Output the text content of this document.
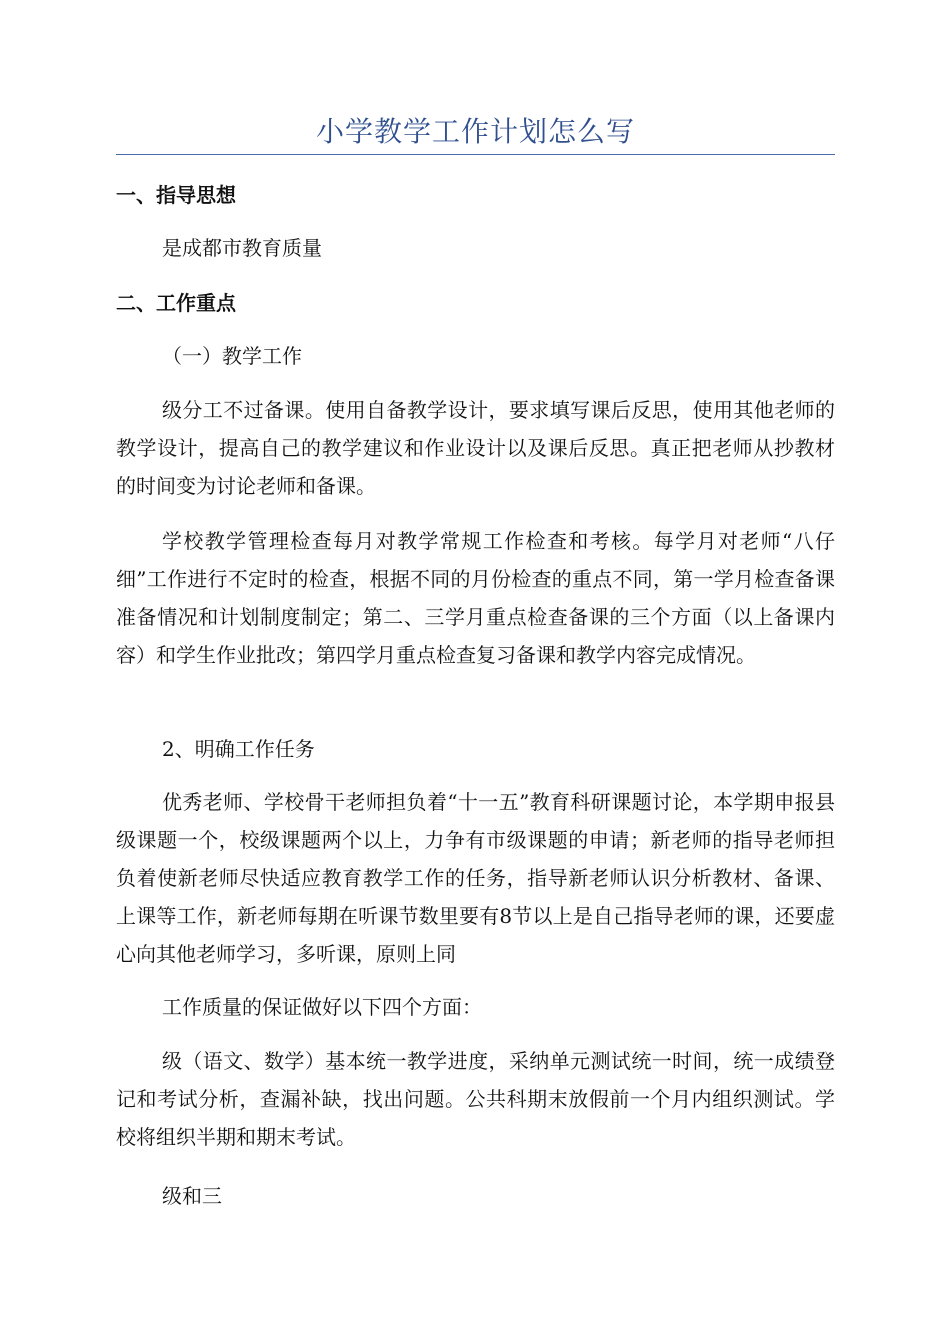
小学教学工作计划怎么写
一、指导思想
是成都市教育质量
二、工作重点
（一）教学工作
级分工不过备课。使用自备教学设计，要求填写课后反思，使用其他老师的教学设计，提高自己的教学建议和作业设计以及课后反思。真正把老师从抄教材的时间变为讨论老师和备课。
学校教学管理检查每月对教学常规工作检查和考核。每学月对老师“八仔细”工作进行不定时的检查，根据不同的月份检查的重点不同，第一学月检查备课准备情况和计划制度制定；第二、三学月重点检查备课的三个方面（以上备课内容）和学生作业批改；第四学月重点检查复习备课和教学内容完成情况。
2、明确工作任务
优秀老师、学校骨干老师担负着“十一五”教育科研课题讨论，本学期申报县级课题一个，校级课题两个以上，力争有市级课题的申请；新老师的指导老师担负着使新老师尽快适应教育教学工作的任务，指导新老师认识分析教材、备课、上课等工作，新老师每期在听课节数里要有8节以上是自己指导老师的课，还要虚心向其他老师学习，多听课，原则上同
工作质量的保证做好以下四个方面：
级（语文、数学）基本统一教学进度，采纳单元测试统一时间，统一成绩登记和考试分析，查漏补缺，找出问题。公共科期末放假前一个月内组织测试。学校将组织半期和期末考试。
级和三
